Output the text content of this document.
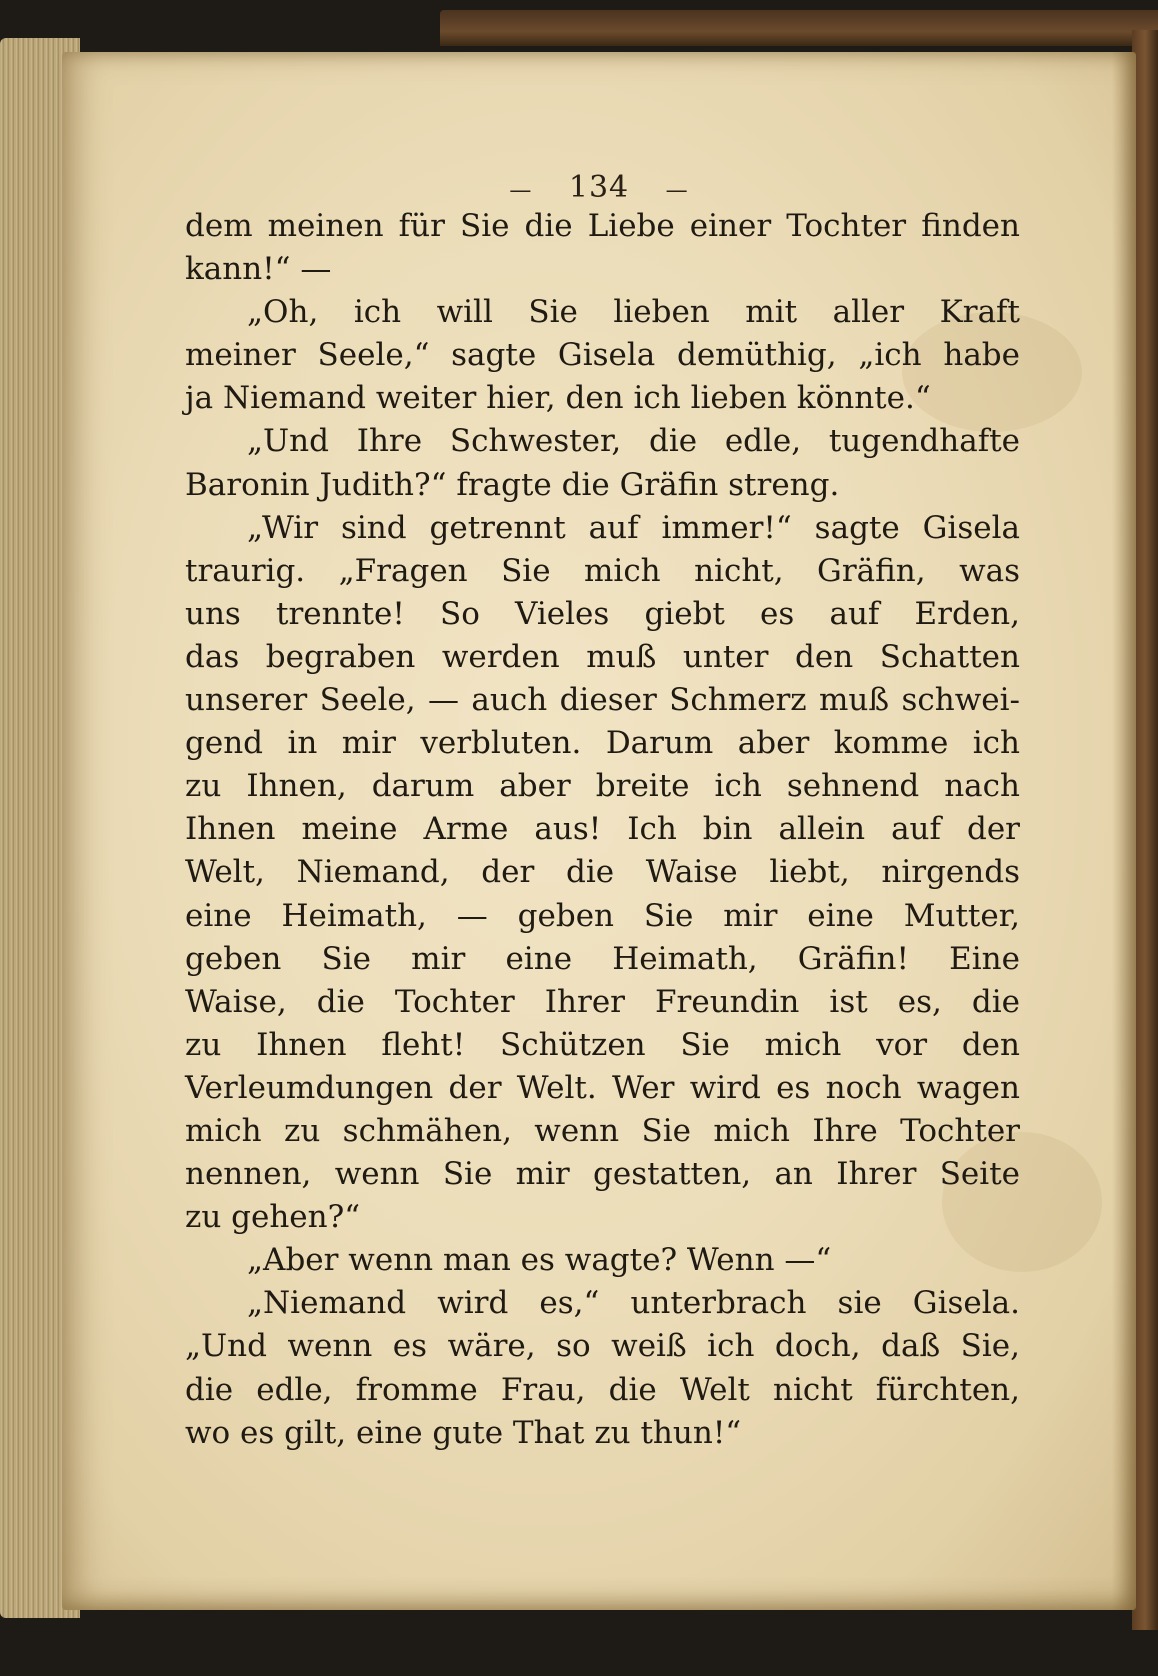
— 134 —
dem meinen für Sie die Liebe einer Tochter finden
kann!“ —
„Oh, ich will Sie lieben mit aller Kraft
meiner Seele,“ sagte Gisela demüthig, „ich habe
ja Niemand weiter hier, den ich lieben könnte.“
„Und Ihre Schwester, die edle, tugendhafte
Baronin Judith?“ fragte die Gräfin streng.
„Wir sind getrennt auf immer!“ sagte Gisela
traurig. „Fragen Sie mich nicht, Gräfin, was
uns trennte! So Vieles giebt es auf Erden,
das begraben werden muß unter den Schatten
unserer Seele, — auch dieser Schmerz muß schwei-
gend in mir verbluten. Darum aber komme ich
zu Ihnen, darum aber breite ich sehnend nach
Ihnen meine Arme aus! Ich bin allein auf der
Welt, Niemand, der die Waise liebt, nirgends
eine Heimath, — geben Sie mir eine Mutter,
geben Sie mir eine Heimath, Gräfin! Eine
Waise, die Tochter Ihrer Freundin ist es, die
zu Ihnen fleht! Schützen Sie mich vor den
Verleumdungen der Welt. Wer wird es noch wagen
mich zu schmähen, wenn Sie mich Ihre Tochter
nennen, wenn Sie mir gestatten, an Ihrer Seite
zu gehen?“
„Aber wenn man es wagte? Wenn —“
„Niemand wird es,“ unterbrach sie Gisela.
„Und wenn es wäre, so weiß ich doch, daß Sie,
die edle, fromme Frau, die Welt nicht fürchten,
wo es gilt, eine gute That zu thun!“
